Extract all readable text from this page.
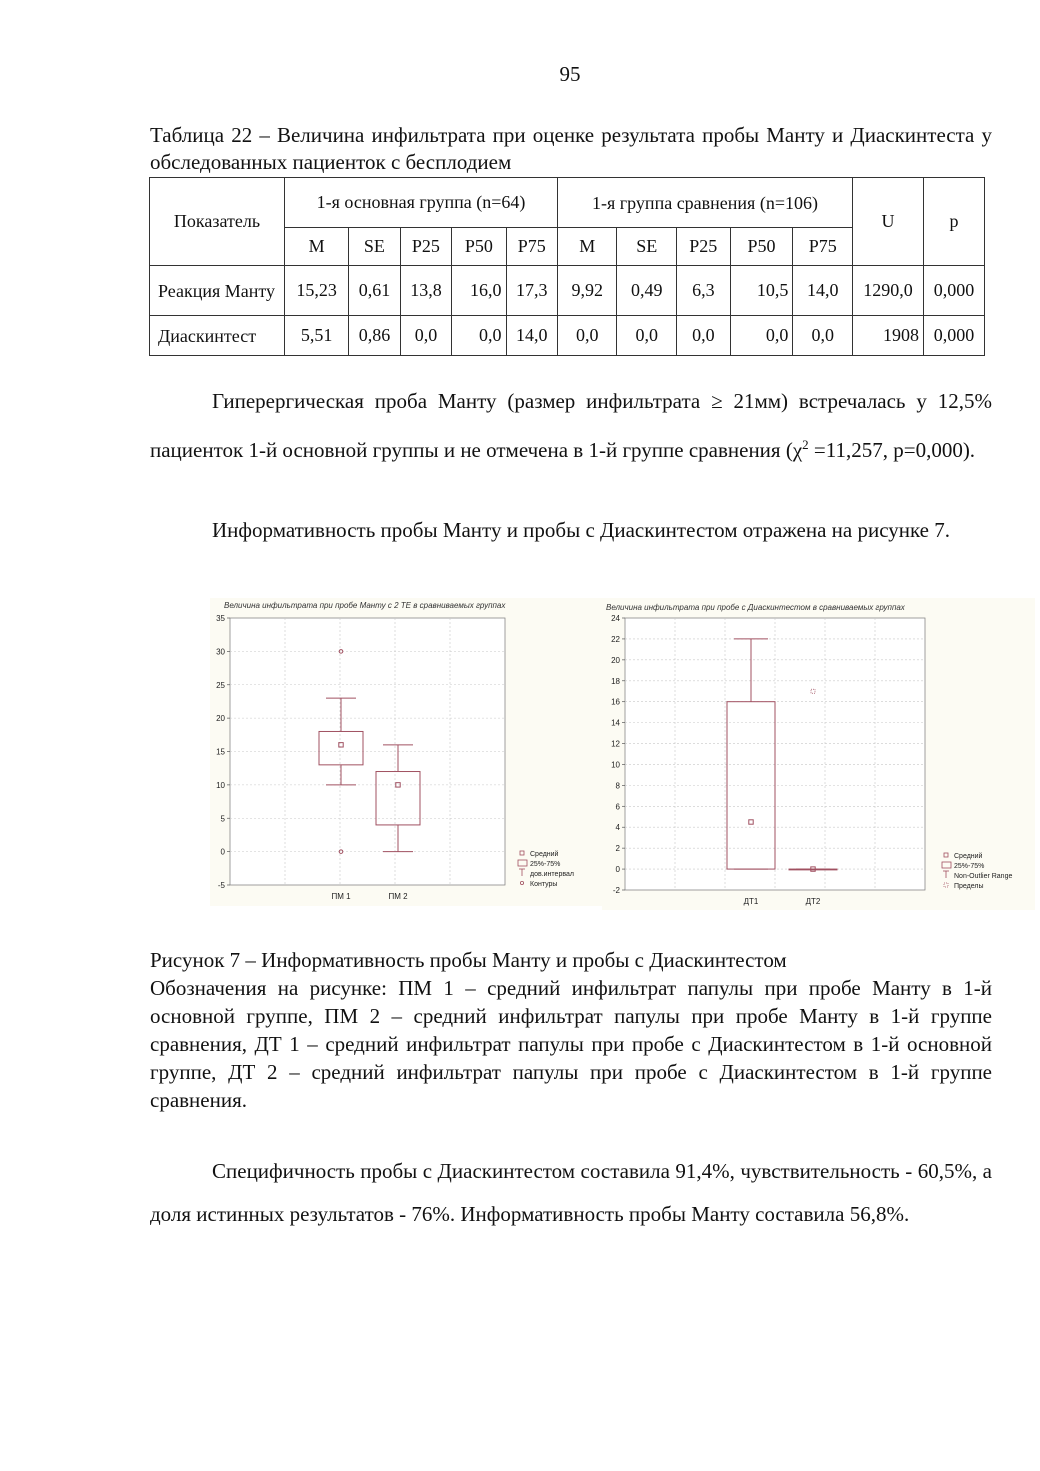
95
Таблица 22 – Величина инфильтрата при оценке результата пробы Манту и Диаскинтеста у обследованных пациенток с бесплодием
Показатель	1-я основная группа (n=64)					1-я группа сравнения (n=106)					U	p
	M	SE	P25	P50	P75	M	SE	P25	P50	P75		
Реакция Манту	15,23	0,61	13,8	16,0	17,3	9,92	0,49	6,3	10,5	14,0	1290,0	0,000
Диаскинтест	5,51	0,86	0,0	0,0	14,0	0,0	0,0	0,0	0,0	0,0	1908	0,000
Гиперергическая проба Манту (размер инфильтрата ≥ 21мм) встречалась у 12,5% пациенток 1-й основной группы и не отмечена в 1-й группе сравнения ($\chi^2 =11,257$, p=0,000).
Информативность пробы Манту и пробы с Диаскинтестом отражена на рисунке 7.
Величина инфильтрата при пробе Манту с 2 ТЕ в сравниваемых группах
-5
0
5
10
15
20
25
30
35
ПМ 1	ПМ 2
Средний
25%-75%
дов.интервал
Контуры
Величина инфильтрата при пробе с Диаскинтестом в сравниваемых группах
-2
0
2
4
6
8
10
12
14
16
18
20
22
24
ДТ1	ДТ2
Средний
25%-75%
Non-Outlier Range
Пределы
Рисунок 7 – Информативность пробы Манту и пробы с Диаскинтестом
Обозначения на рисунке: ПМ 1 – средний инфильтрат папулы при пробе Манту в 1-й основной группе, ПМ 2 – средний инфильтрат папулы при пробе Манту в 1-й группе сравнения, ДТ 1 – средний инфильтрат папулы при пробе с Диаскинтестом в 1-й основной группе, ДТ 2 – средний инфильтрат папулы при пробе с Диаскинтестом в 1-й группе сравнения.
Специфичность пробы с Диаскинтестом составила 91,4%, чувствительность - 60,5%, а доля истинных результатов - 76%. Информативность пробы Манту составила 56,8%.
